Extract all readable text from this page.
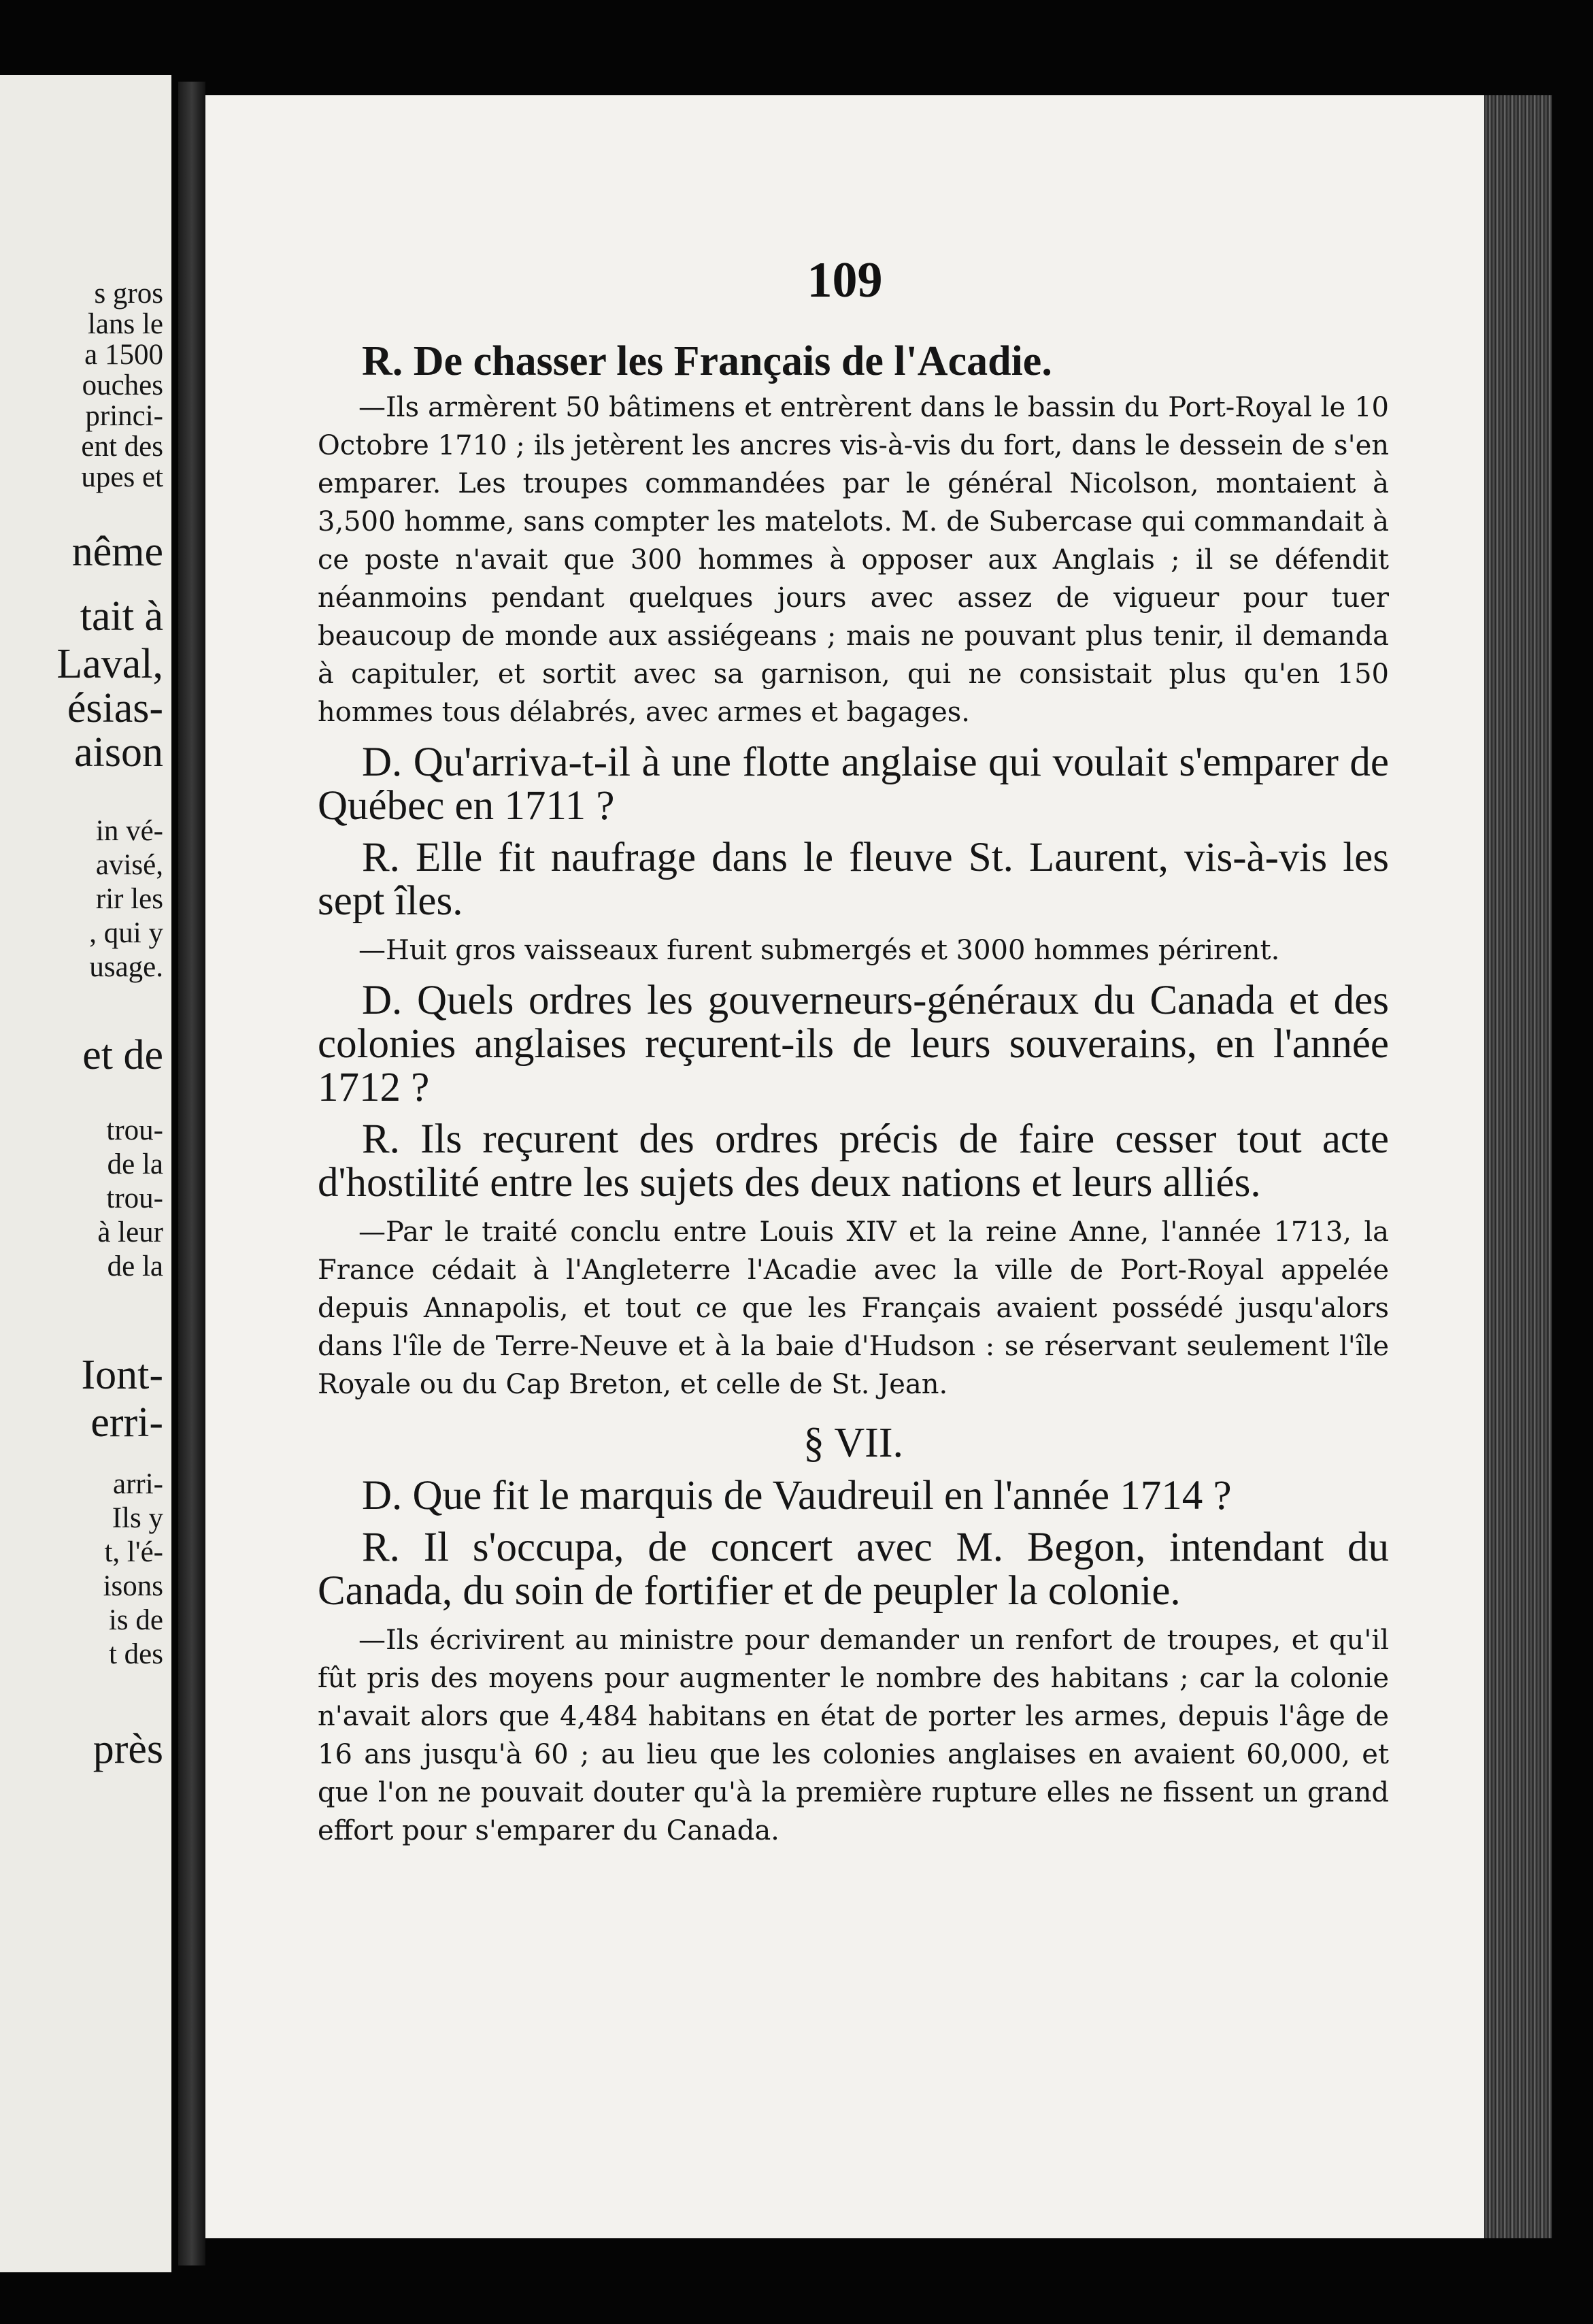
s gros
lans le
a 1500
ouches
princi-
ent des
upes et
nême
tait à
Laval,
ésias-
aison
in vé-
avisé,
rir les
, qui y
usage.
et de
trou-
de la
trou-
à leur
de la
Iont-
erri-
arri-
Ils y
t, l'é-
isons
is de
t des
près
109

R. De chasser les Français de l'Acadie.

—Ils armèrent 50 bâtimens et entrèrent dans le bassin du Port-Royal le 10 Octobre 1710 ; ils jetèrent les ancres vis-à-vis du fort, dans le dessein de s'en emparer. Les troupes commandées par le général Nicolson, montaient à 3,500 homme, sans compter les matelots. M. de Subercase qui commandait à ce poste n'avait que 300 hommes à opposer aux Anglais ; il se défendit néanmoins pendant quelques jours avec assez de vigueur pour tuer beaucoup de monde aux assiégeans ; mais ne pouvant plus tenir, il demanda à capituler, et sortit avec sa garnison, qui ne consistait plus qu'en 150 hommes tous délabrés, avec armes et bagages.

D. Qu'arriva-t-il à une flotte anglaise qui voulait s'emparer de Québec en 1711 ?

R. Elle fit naufrage dans le fleuve St. Laurent, vis-à-vis les sept îles.

—Huit gros vaisseaux furent submergés et 3000 hommes périrent.

D. Quels ordres les gouverneurs-généraux du Canada et des colonies anglaises reçurent-ils de leurs souverains, en l'année 1712 ?

R. Ils reçurent des ordres précis de faire cesser tout acte d'hostilité entre les sujets des deux nations et leurs alliés.

—Par le traité conclu entre Louis XIV et la reine Anne, l'année 1713, la France cédait à l'Angleterre l'Acadie avec la ville de Port-Royal appelée depuis Annapolis, et tout ce que les Français avaient possédé jusqu'alors dans l'île de Terre-Neuve et à la baie d'Hudson : se réservant seulement l'île Royale ou du Cap Breton, et celle de St. Jean.

§ VII.

D. Que fit le marquis de Vaudreuil en l'année 1714 ?

R. Il s'occupa, de concert avec M. Begon, intendant du Canada, du soin de fortifier et de peupler la colonie.

—Ils écrivirent au ministre pour demander un renfort de troupes, et qu'il fût pris des moyens pour augmenter le nombre des habitans ; car la colonie n'avait alors que 4,484 habitans en état de porter les armes, depuis l'âge de 16 ans jusqu'à 60 ; au lieu que les colonies anglaises en avaient 60,000, et que l'on ne pouvait douter qu'à la première rupture elles ne fissent un grand effort pour s'emparer du Canada.
